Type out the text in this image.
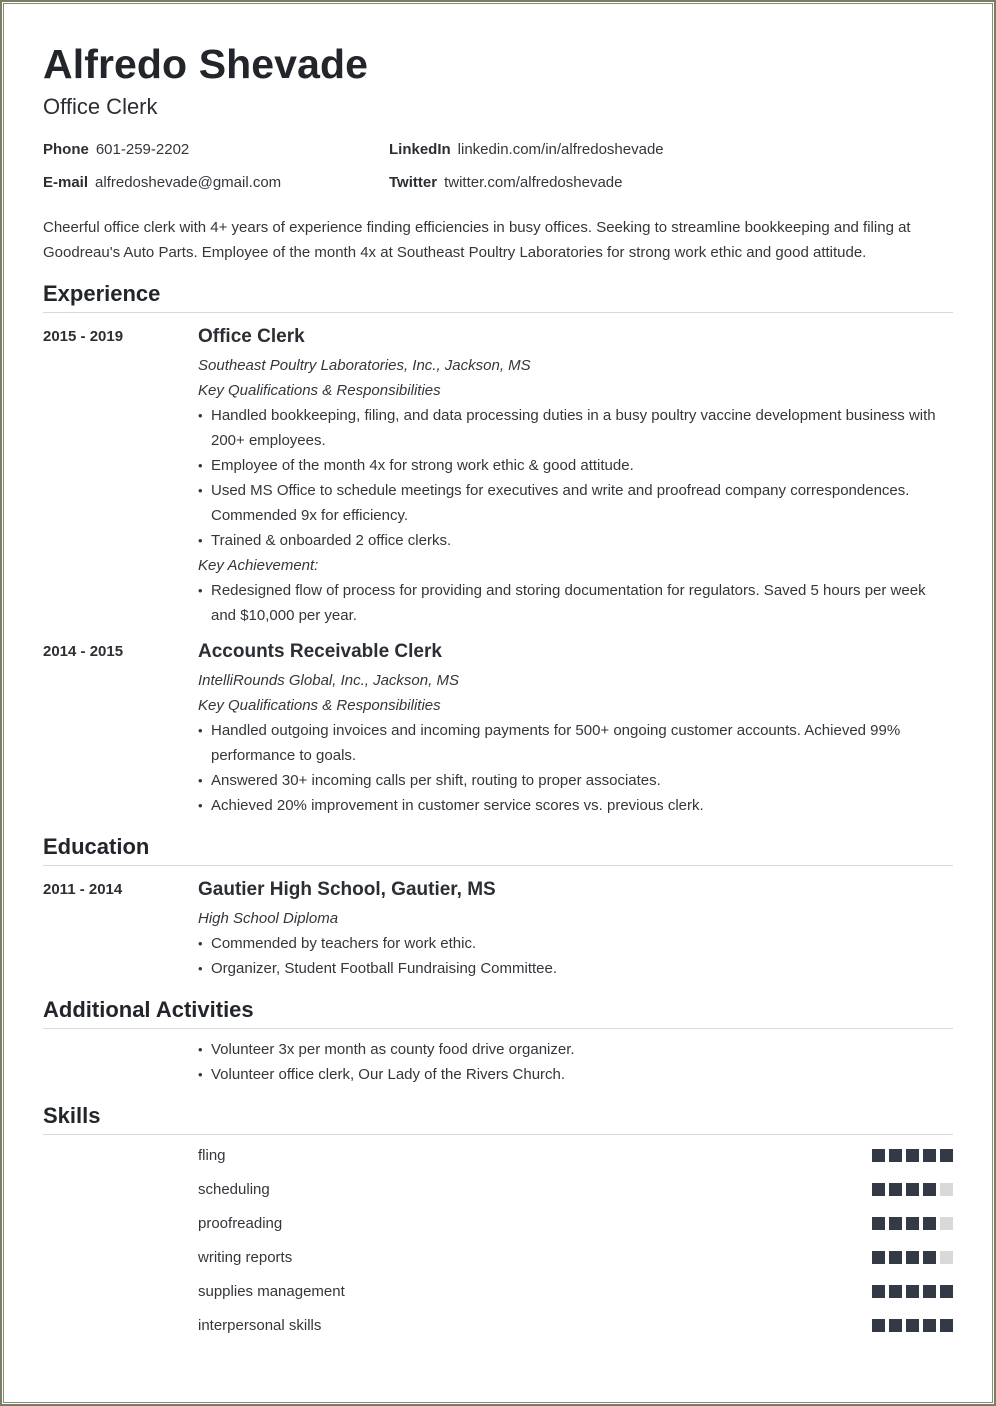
Alfredo Shevade
Office Clerk
Phone 601-259-2202
E-mail alfredoshevade@gmail.com
LinkedIn linkedin.com/in/alfredoshevade
Twitter twitter.com/alfredoshevade

Cheerful office clerk with 4+ years of experience finding efficiencies in busy offices. Seeking to streamline bookkeeping and filing at Goodreau's Auto Parts. Employee of the month 4x at Southeast Poultry Laboratories for strong work ethic and good attitude.

Experience
2015 - 2019	Office Clerk
Southeast Poultry Laboratories, Inc., Jackson, MS
Key Qualifications & Responsibilities
• Handled bookkeeping, filing, and data processing duties in a busy poultry vaccine development business with 200+ employees.
• Employee of the month 4x for strong work ethic & good attitude.
• Used MS Office to schedule meetings for executives and write and proofread company correspondences. Commended 9x for efficiency.
• Trained & onboarded 2 office clerks.
Key Achievement:
• Redesigned flow of process for providing and storing documentation for regulators. Saved 5 hours per week and $10,000 per year.
2014 - 2015	Accounts Receivable Clerk
IntelliRounds Global, Inc., Jackson, MS
Key Qualifications & Responsibilities
• Handled outgoing invoices and incoming payments for 500+ ongoing customer accounts. Achieved 99% performance to goals.
• Answered 30+ incoming calls per shift, routing to proper associates.
• Achieved 20% improvement in customer service scores vs. previous clerk.
Education
2011 - 2014	Gautier High School, Gautier, MS
High School Diploma
• Commended by teachers for work ethic.
• Organizer, Student Football Fundraising Committee.
Additional Activities
• Volunteer 3x per month as county food drive organizer.
• Volunteer office clerk, Our Lady of the Rivers Church.
Skills
fling
scheduling
proofreading
writing reports
supplies management
interpersonal skills
